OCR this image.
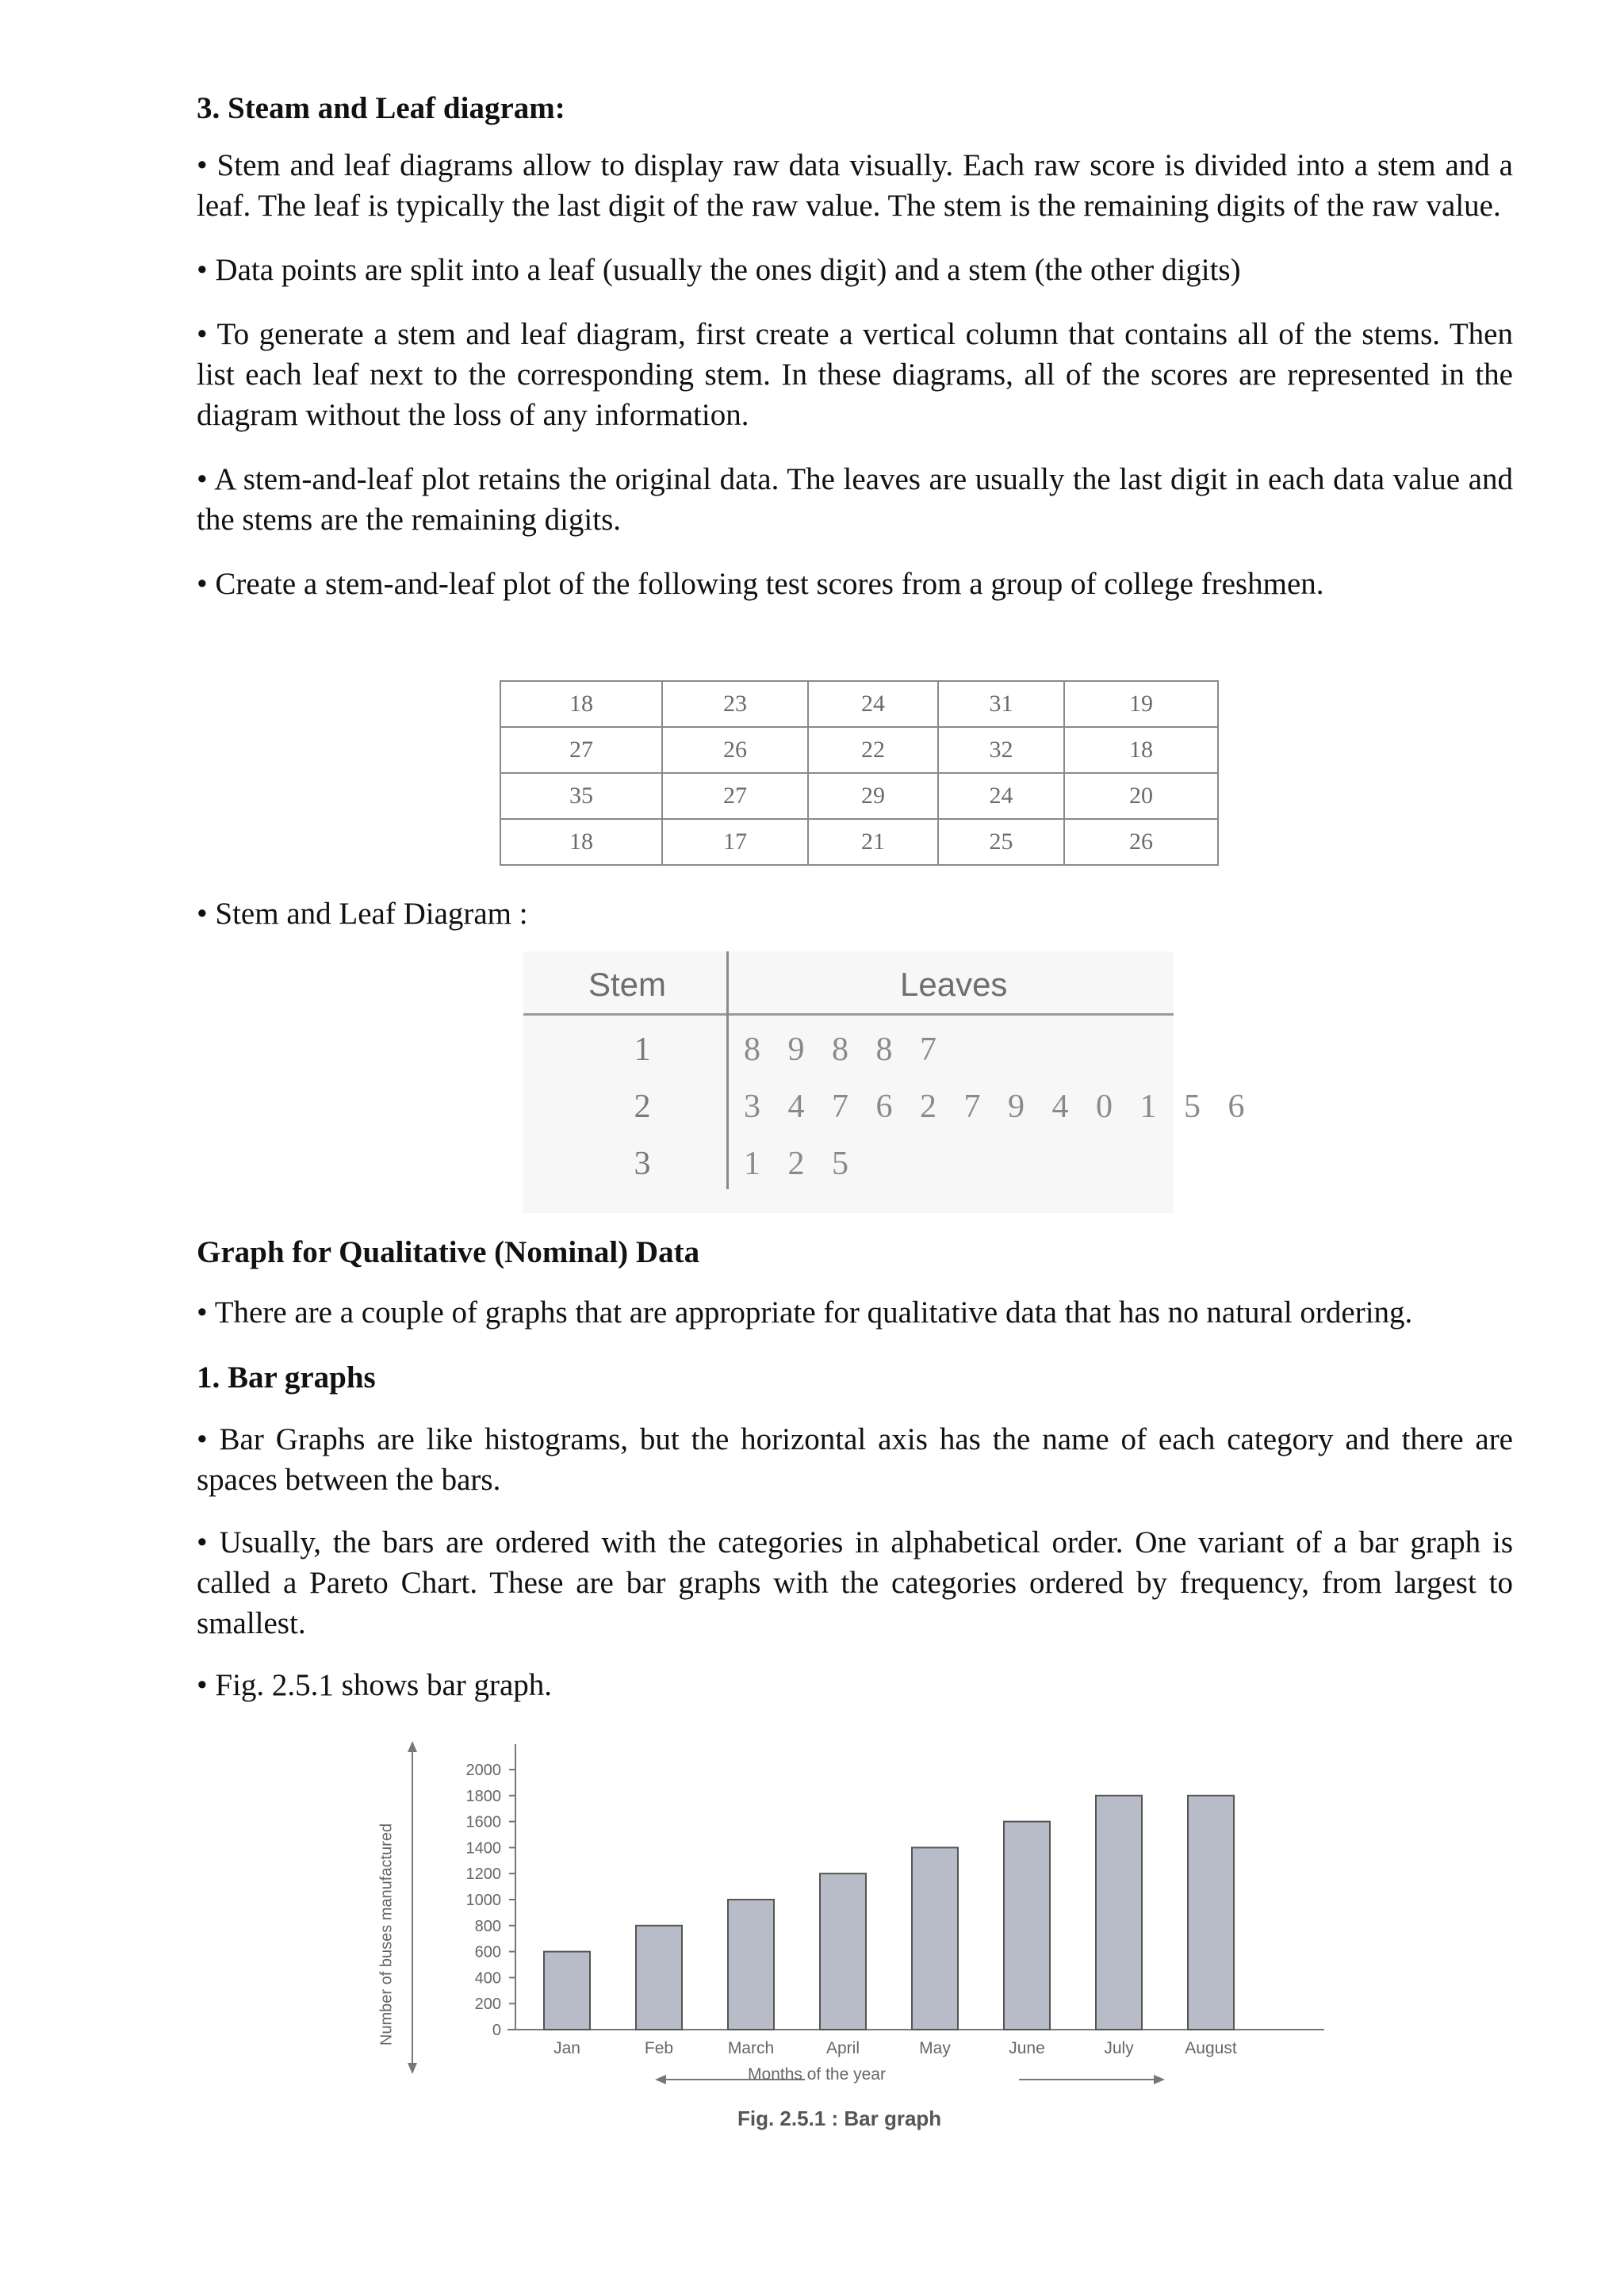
3. Steam and Leaf diagram:
• Stem and leaf diagrams allow to display raw data visually. Each raw score is divided into a stem and a leaf. The leaf is typically the last digit of the raw value. The stem is the remaining digits of the raw value.
• Data points are split into a leaf (usually the ones digit) and a stem (the other digits)
• To generate a stem and leaf diagram, first create a vertical column that contains all of the stems. Then list each leaf next to the corresponding stem. In these diagrams, all of the scores are represented in the diagram without the loss of any information.
• A stem-and-leaf plot retains the original data. The leaves are usually the last digit in each data value and the stems are the remaining digits.
• Create a stem-and-leaf plot of the following test scores from a group of college freshmen.
18	23	24	31	19
27	26	22	32	18
35	27	29	24	20
18	17	21	25	26
• Stem and Leaf Diagram :
Stem	Leaves
1	8 9 8 8 7
2	3 4 7 6 2 7 9 4 0 1 5 6
3	1 2 5
Graph for Qualitative (Nominal) Data
• There are a couple of graphs that are appropriate for qualitative data that has no natural ordering.
1. Bar graphs
• Bar Graphs are like histograms, but the horizontal axis has the name of each category and there are spaces between the bars.
• Usually, the bars are ordered with the categories in alphabetical order. One variant of a bar graph is called a Pareto Chart. These are bar graphs with the categories ordered by frequency, from largest to smallest.
• Fig. 2.5.1 shows bar graph.
0
200
400
600
800
1000
1200
1400
1600
1800
2000
Jan	Feb	March	April	May	June	July	August
Number of buses manufactured
Months of the year
Fig. 2.5.1 : Bar graph
